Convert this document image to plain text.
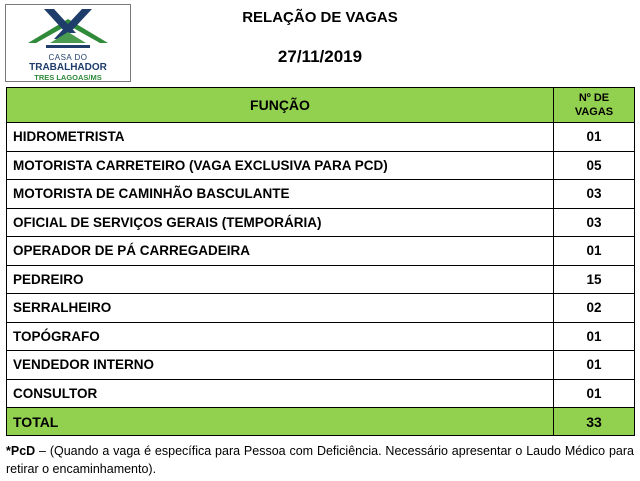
CASA DO
TRABALHADOR
TRES LAGOAS/MS
RELAÇÃO DE VAGAS
27/11/2019
FUNÇÃO	Nº DE
VAGAS

HIDROMETRISTA	01
MOTORISTA CARRETEIRO (VAGA EXCLUSIVA PARA PCD)	05
MOTORISTA DE CAMINHÃO BASCULANTE	03
OFICIAL DE SERVIÇOS GERAIS (TEMPORÁRIA)	03
OPERADOR DE PÁ CARREGADEIRA	01
PEDREIRO	15
SERRALHEIRO	02
TOPÓGRAFO	01
VENDEDOR INTERNO	01
CONSULTOR	01
TOTAL	33
*PcD – (Quando a vaga é específica para Pessoa com Deficiência. Necessário apresentar o Laudo Médico para retirar o encaminhamento).
